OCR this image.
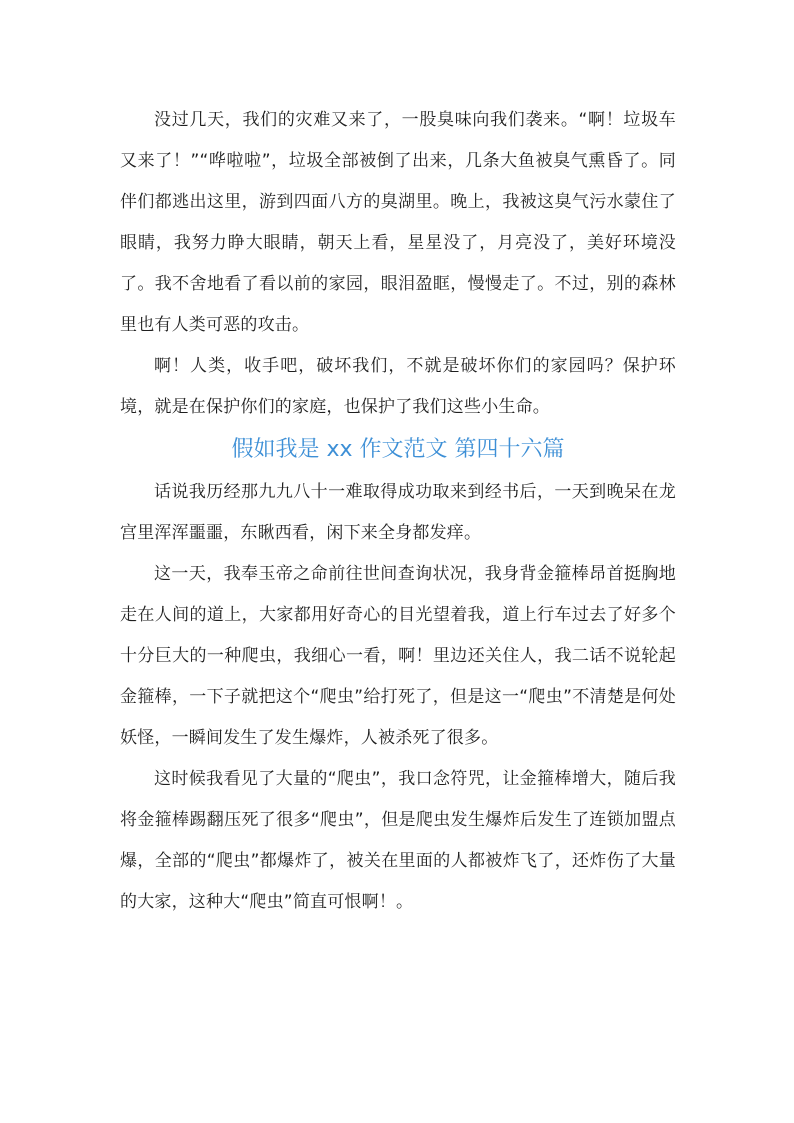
没过几天，我们的灾难又来了，一股臭味向我们袭来。“啊！垃圾车又来了！”“哗啦啦”，垃圾全部被倒了出来，几条大鱼被臭气熏昏了。同伴们都逃出这里，游到四面八方的臭湖里。晚上，我被这臭气污水蒙住了眼睛，我努力睁大眼睛，朝天上看，星星没了，月亮没了，美好环境没了。我不舍地看了看以前的家园，眼泪盈眶，慢慢走了。不过，别的森林里也有人类可恶的攻击。

啊！人类，收手吧，破坏我们，不就是破坏你们的家园吗？保护环境，就是在保护你们的家庭，也保护了我们这些小生命。

假如我是 xx 作文范文 第四十六篇

话说我历经那九九八十一难取得成功取来到经书后，一天到晚呆在龙宫里浑浑噩噩，东瞅西看，闲下来全身都发痒。

这一天，我奉玉帝之命前往世间查询状况，我身背金箍棒昂首挺胸地走在人间的道上，大家都用好奇心的目光望着我，道上行车过去了好多个十分巨大的一种爬虫，我细心一看，啊！里边还关住人，我二话不说轮起金箍棒，一下子就把这个“爬虫”给打死了，但是这一“爬虫”不清楚是何处妖怪，一瞬间发生了发生爆炸，人被杀死了很多。

这时候我看见了大量的“爬虫”，我口念符咒，让金箍棒增大，随后我将金箍棒踢翻压死了很多“爬虫”，但是爬虫发生爆炸后发生了连锁加盟点爆，全部的“爬虫”都爆炸了，被关在里面的人都被炸飞了，还炸伤了大量的大家，这种大“爬虫”简直可恨啊！。
